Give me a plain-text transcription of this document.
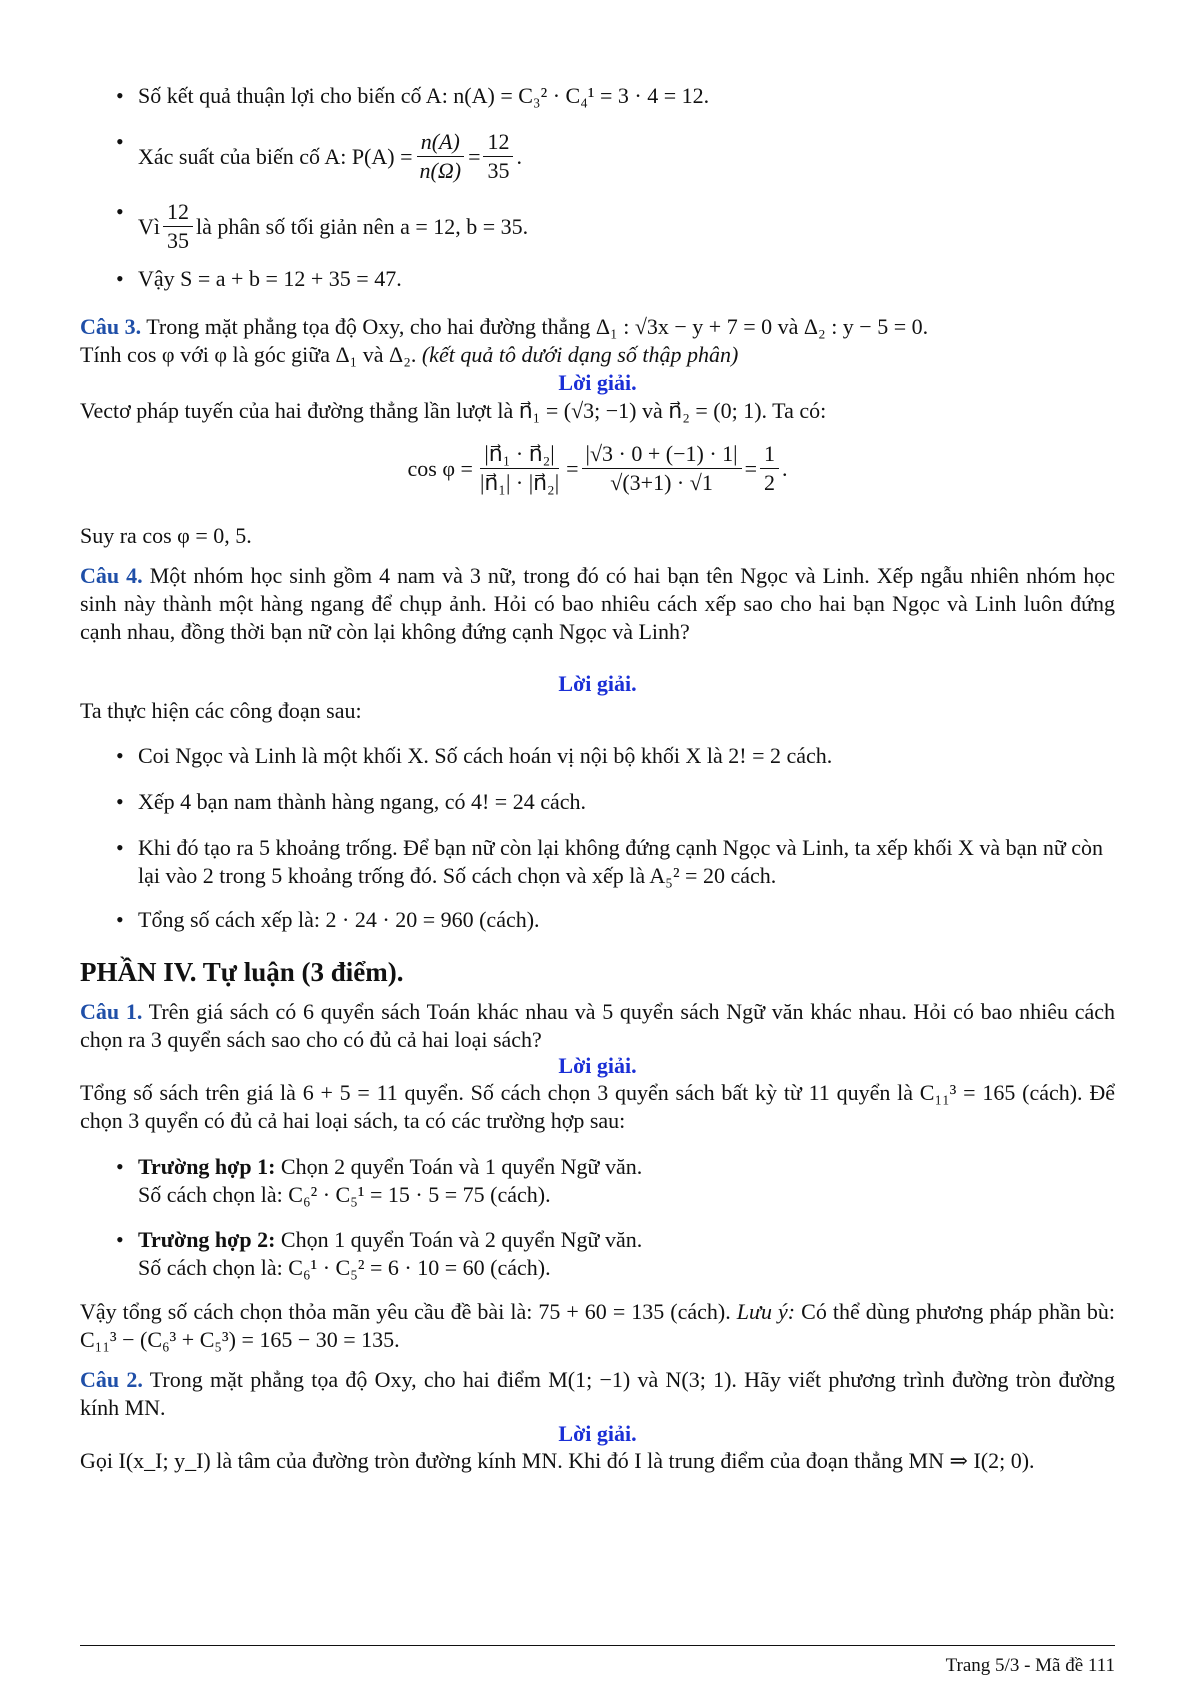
• Số kết quả thuận lợi cho biến cố A: n(A) = C₃² · C₄¹ = 3 · 4 = 12.
• Xác suất của biến cố A: $P(A) = \frac{n(A)}{n(\Omega)} = \frac{12}{35}$ .
• Vì $\frac{12}{35}$ là phân số tối giản nên a = 12, b = 35.
• Vậy S = a + b = 12 + 35 = 47.
Câu 3. Trong mặt phẳng tọa độ Oxy, cho hai đường thẳng Δ₁ : √3x − y + 7 = 0 và Δ₂ : y − 5 = 0.
Tính cos φ với φ là góc giữa Δ₁ và Δ₂. (kết quả tô dưới dạng số thập phân)
Lời giải.
Vectơ pháp tuyến của hai đường thẳng lần lượt là n⃗₁ = (√3; −1) và n⃗₂ = (0; 1). Ta có:
$\cos \varphi = \frac{\text{|n⃗₁ · n⃗₂|}}{\text{|n⃗₁| · |n⃗₂|}} = \frac{|√3 \cdot 0 + (-1) \cdot 1|}{√(3+1) \cdot √1} = \frac{1}{2}$ .
Suy ra cos φ = 0, 5.
Câu 4. Một nhóm học sinh gồm 4 nam và 3 nữ, trong đó có hai bạn tên Ngọc và Linh. Xếp ngẫu nhiên nhóm học sinh này thành một hàng ngang để chụp ảnh. Hỏi có bao nhiêu cách xếp sao cho hai bạn Ngọc và Linh luôn đứng cạnh nhau, đồng thời bạn nữ còn lại không đứng cạnh Ngọc và Linh?
Lời giải.
Ta thực hiện các công đoạn sau:
• Coi Ngọc và Linh là một khối X. Số cách hoán vị nội bộ khối X là 2! = 2 cách.
• Xếp 4 bạn nam thành hàng ngang, có 4! = 24 cách.
• Khi đó tạo ra 5 khoảng trống. Để bạn nữ còn lại không đứng cạnh Ngọc và Linh, ta xếp khối X và bạn nữ còn lại vào 2 trong 5 khoảng trống đó. Số cách chọn và xếp là A₅² = 20 cách.
• Tổng số cách xếp là: 2 · 24 · 20 = 960 (cách).
PHẦN IV. Tự luận (3 điểm).
Câu 1. Trên giá sách có 6 quyển sách Toán khác nhau và 5 quyển sách Ngữ văn khác nhau. Hỏi có bao nhiêu cách chọn ra 3 quyển sách sao cho có đủ cả hai loại sách?
Lời giải.
Tổng số sách trên giá là 6 + 5 = 11 quyển. Số cách chọn 3 quyển sách bất kỳ từ 11 quyển là C₁₁³ = 165 (cách). Để chọn 3 quyển có đủ cả hai loại sách, ta có các trường hợp sau:
• Trường hợp 1: Chọn 2 quyển Toán và 1 quyển Ngữ văn.
Số cách chọn là: C₆² · C₅¹ = 15 · 5 = 75 (cách).
• Trường hợp 2: Chọn 1 quyển Toán và 2 quyển Ngữ văn.
Số cách chọn là: C₆¹ · C₅² = 6 · 10 = 60 (cách).
Vậy tổng số cách chọn thỏa mãn yêu cầu đề bài là: 75 + 60 = 135 (cách). Lưu ý: Có thể dùng phương pháp phần bù: C₁₁³ − (C₆³ + C₅³) = 165 − 30 = 135.
Câu 2. Trong mặt phẳng tọa độ Oxy, cho hai điểm M(1; −1) và N(3; 1). Hãy viết phương trình đường tròn đường kính MN.
Lời giải.
Gọi I(x_I; y_I) là tâm của đường tròn đường kính MN. Khi đó I là trung điểm của đoạn thẳng MN ⇒ I(2; 0).
Trang 5/3 - Mã đề 111
